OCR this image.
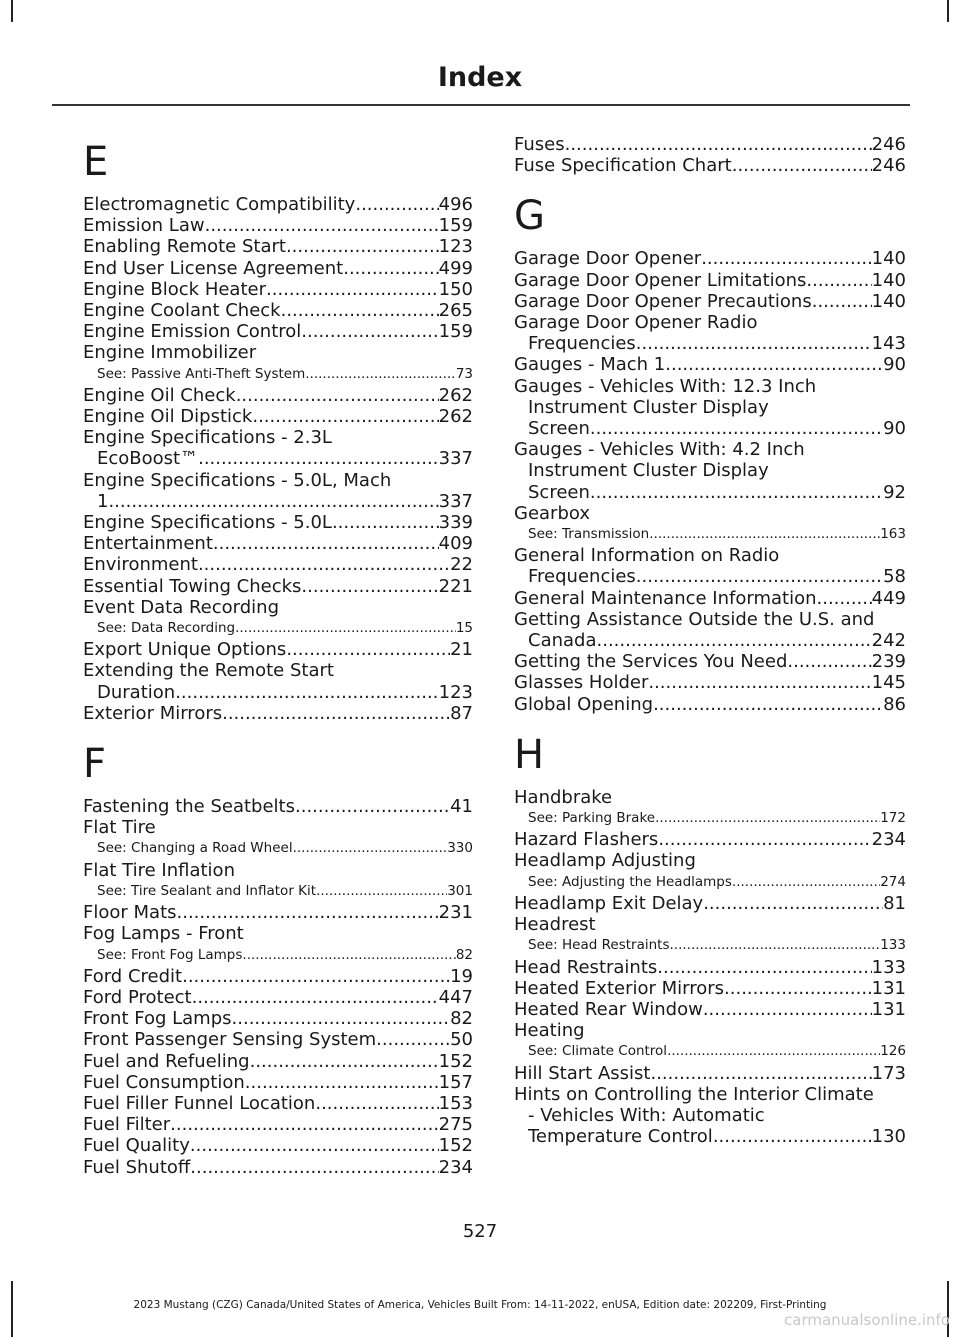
Index
E
Electromagnetic Compatibility .....	496
Emission Law .....	159
Enabling Remote Start .....	123
End User License Agreement .....	499
Engine Block Heater .....	150
Engine Coolant Check .....	265
Engine Emission Control .....	159
Engine Immobilizer
See: Passive Anti-Theft System .....	73
Engine Oil Check .....	262
Engine Oil Dipstick .....	262
Engine Specifications - 2.3L
EcoBoost™ .....	337
Engine Specifications - 5.0L, Mach
1 .....	337
Engine Specifications - 5.0L .....	339
Entertainment .....	409
Environment .....	22
Essential Towing Checks .....	221
Event Data Recording
See: Data Recording .....	15
Export Unique Options .....	21
Extending the Remote Start
Duration .....	123
Exterior Mirrors .....	87
F
Fastening the Seatbelts .....	41
Flat Tire
See: Changing a Road Wheel .....	330
Flat Tire Inflation
See: Tire Sealant and Inflator Kit .....	301
Floor Mats .....	231
Fog Lamps - Front
See: Front Fog Lamps .....	82
Ford Credit .....	19
Ford Protect .....	447
Front Fog Lamps .....	82
Front Passenger Sensing System .....	50
Fuel and Refueling .....	152
Fuel Consumption .....	157
Fuel Filler Funnel Location .....	153
Fuel Filter .....	275
Fuel Quality .....	152
Fuel Shutoff .....	234
Fuses .....	246
Fuse Specification Chart .....	246
G
Garage Door Opener .....	140
Garage Door Opener Limitations .....	140
Garage Door Opener Precautions .....	140
Garage Door Opener Radio
Frequencies .....	143
Gauges - Mach 1 .....	90
Gauges - Vehicles With: 12.3 Inch
Instrument Cluster Display
Screen .....	90
Gauges - Vehicles With: 4.2 Inch
Instrument Cluster Display
Screen .....	92
Gearbox
See: Transmission .....	163
General Information on Radio
Frequencies .....	58
General Maintenance Information .....	449
Getting Assistance Outside the U.S. and
Canada .....	242
Getting the Services You Need .....	239
Glasses Holder .....	145
Global Opening .....	86
H
Handbrake
See: Parking Brake .....	172
Hazard Flashers .....	234
Headlamp Adjusting
See: Adjusting the Headlamps .....	274
Headlamp Exit Delay .....	81
Headrest
See: Head Restraints .....	133
Head Restraints .....	133
Heated Exterior Mirrors .....	131
Heated Rear Window .....	131
Heating
See: Climate Control .....	126
Hill Start Assist .....	173
Hints on Controlling the Interior Climate
- Vehicles With: Automatic
Temperature Control .....	130
527
2023 Mustang (CZG) Canada/United States of America, Vehicles Built From: 14-11-2022, enUSA, Edition date: 202209, First-Printing
carmanualsonline.info
